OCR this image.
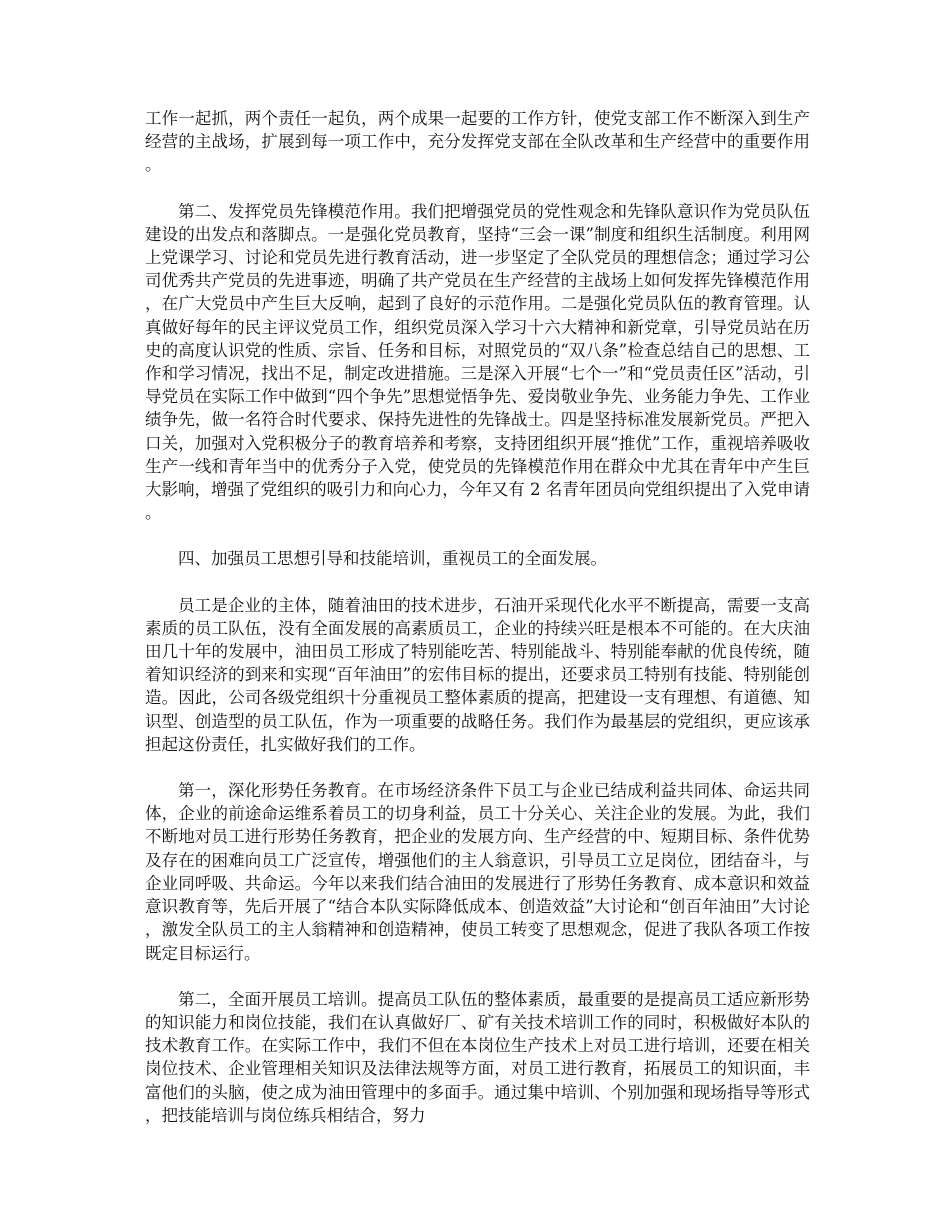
工作一起抓，两个责任一起负，两个成果一起要的工作方针，使党支部工作不断深入到生产经营的主战场，扩展到每一项工作中，充分发挥党支部在全队改革和生产经营中的重要作用。

第二、发挥党员先锋模范作用。我们把增强党员的党性观念和先锋队意识作为党员队伍建设的出发点和落脚点。一是强化党员教育，坚持“三会一课”制度和组织生活制度。利用网上党课学习、讨论和党员先进行教育活动，进一步坚定了全队党员的理想信念；通过学习公司优秀共产党员的先进事迹，明确了共产党员在生产经营的主战场上如何发挥先锋模范作用，在广大党员中产生巨大反响，起到了良好的示范作用。二是强化党员队伍的教育管理。认真做好每年的民主评议党员工作，组织党员深入学习十六大精神和新党章，引导党员站在历史的高度认识党的性质、宗旨、任务和目标，对照党员的“双八条”检查总结自己的思想、工作和学习情况，找出不足，制定改进措施。三是深入开展“七个一”和“党员责任区”活动，引导党员在实际工作中做到“四个争先”思想觉悟争先、爱岗敬业争先、业务能力争先、工作业绩争先，做一名符合时代要求、保持先进性的先锋战士。四是坚持标准发展新党员。严把入口关，加强对入党积极分子的教育培养和考察，支持团组织开展“推优”工作，重视培养吸收生产一线和青年当中的优秀分子入党，使党员的先锋模范作用在群众中尤其在青年中产生巨大影响，增强了党组织的吸引力和向心力，今年又有 2 名青年团员向党组织提出了入党申请。

四、加强员工思想引导和技能培训，重视员工的全面发展。

员工是企业的主体，随着油田的技术进步，石油开采现代化水平不断提高，需要一支高素质的员工队伍，没有全面发展的高素质员工，企业的持续兴旺是根本不可能的。在大庆油田几十年的发展中，油田员工形成了特别能吃苦、特别能战斗、特别能奉献的优良传统，随着知识经济的到来和实现“百年油田”的宏伟目标的提出，还要求员工特别有技能、特别能创造。因此，公司各级党组织十分重视员工整体素质的提高，把建设一支有理想、有道德、知识型、创造型的员工队伍，作为一项重要的战略任务。我们作为最基层的党组织，更应该承担起这份责任，扎实做好我们的工作。

第一，深化形势任务教育。在市场经济条件下员工与企业已结成利益共同体、命运共同体，企业的前途命运维系着员工的切身利益，员工十分关心、关注企业的发展。为此，我们不断地对员工进行形势任务教育，把企业的发展方向、生产经营的中、短期目标、条件优势及存在的困难向员工广泛宣传，增强他们的主人翁意识，引导员工立足岗位，团结奋斗，与企业同呼吸、共命运。今年以来我们结合油田的发展进行了形势任务教育、成本意识和效益意识教育等，先后开展了“结合本队实际降低成本、创造效益”大讨论和“创百年油田”大讨论，激发全队员工的主人翁精神和创造精神，使员工转变了思想观念，促进了我队各项工作按既定目标运行。

第二，全面开展员工培训。提高员工队伍的整体素质，最重要的是提高员工适应新形势的知识能力和岗位技能，我们在认真做好厂、矿有关技术培训工作的同时，积极做好本队的技术教育工作。在实际工作中，我们不但在本岗位生产技术上对员工进行培训，还要在相关岗位技术、企业管理相关知识及法律法规等方面，对员工进行教育，拓展员工的知识面，丰富他们的头脑，使之成为油田管理中的多面手。通过集中培训、个别加强和现场指导等形式，把技能培训与岗位练兵相结合，努力
